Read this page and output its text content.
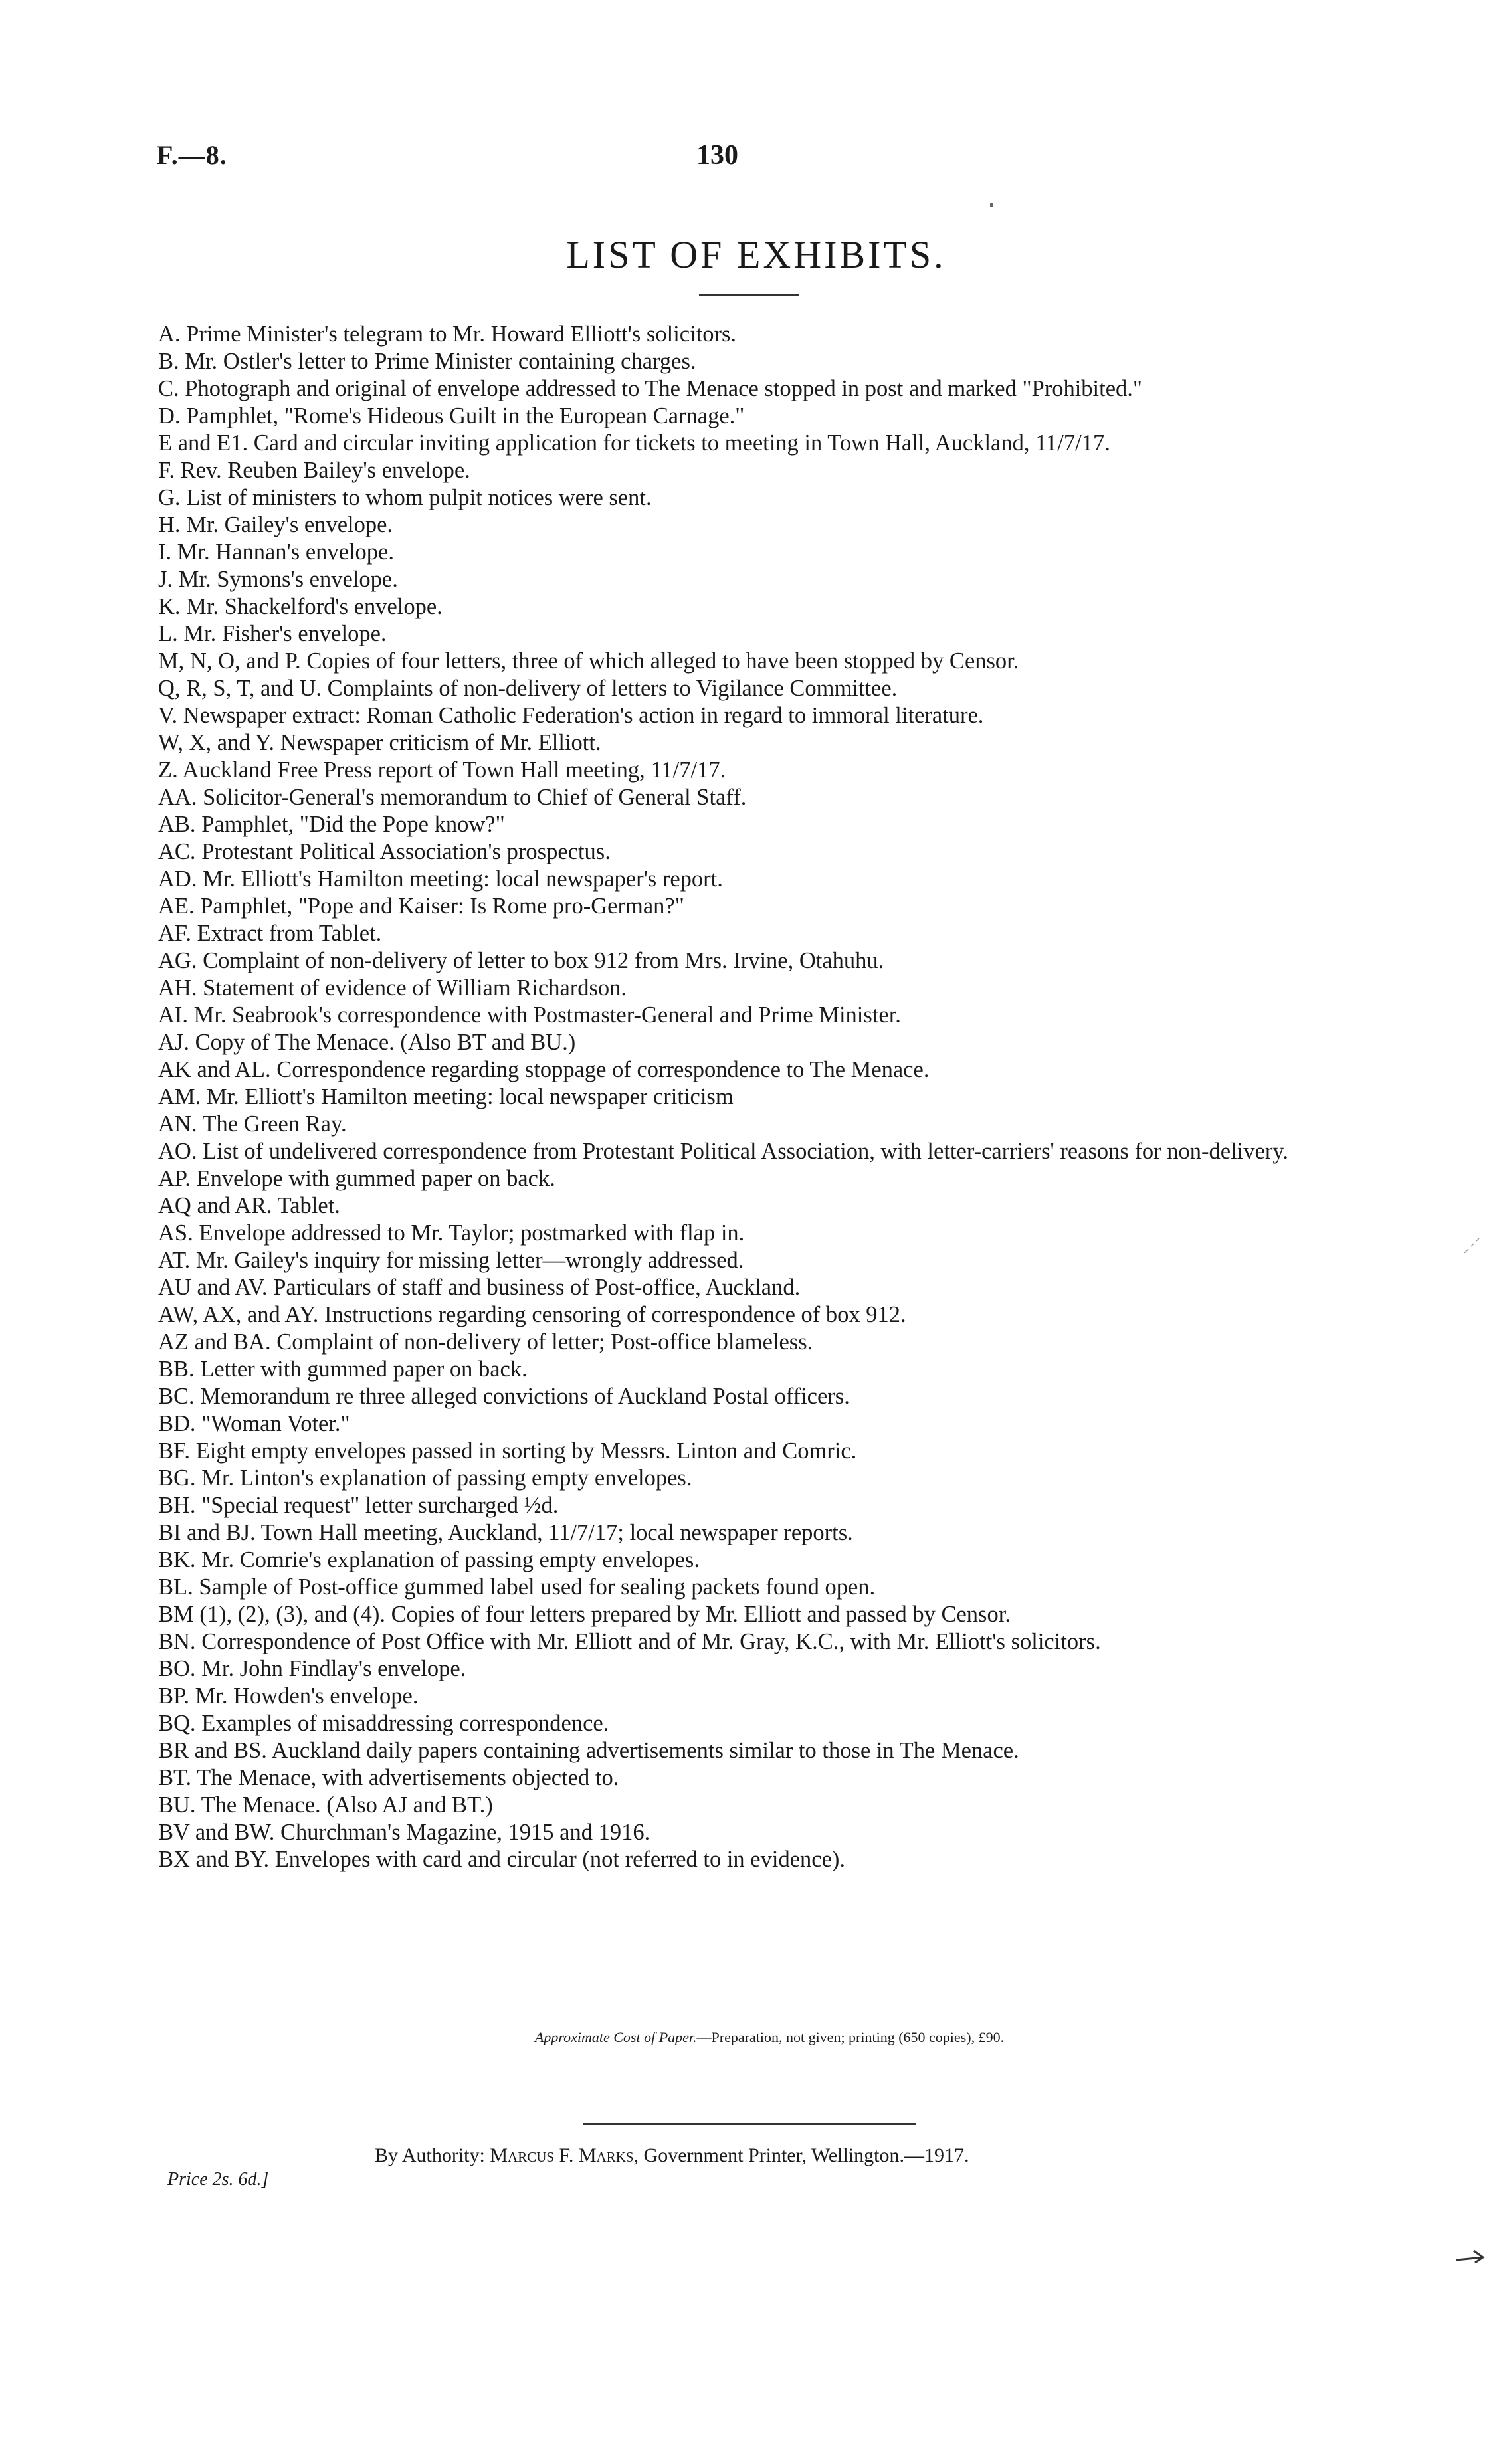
F.—8.	130
LIST OF EXHIBITS.
A. Prime Minister's telegram to Mr. Howard Elliott's solicitors.
B. Mr. Ostler's letter to Prime Minister containing charges.
C. Photograph and original of envelope addressed to The Menace stopped in post and marked "Prohibited."
D. Pamphlet, "Rome's Hideous Guilt in the European Carnage."
E and E1. Card and circular inviting application for tickets to meeting in Town Hall, Auckland, 11/7/17.
F. Rev. Reuben Bailey's envelope.
G. List of ministers to whom pulpit notices were sent.
H. Mr. Gailey's envelope.
I. Mr. Hannan's envelope.
J. Mr. Symons's envelope.
K. Mr. Shackelford's envelope.
L. Mr. Fisher's envelope.
M, N, O, and P. Copies of four letters, three of which alleged to have been stopped by Censor.
Q, R, S, T, and U. Complaints of non-delivery of letters to Vigilance Committee.
V. Newspaper extract: Roman Catholic Federation's action in regard to immoral literature.
W, X, and Y. Newspaper criticism of Mr. Elliott.
Z. Auckland Free Press report of Town Hall meeting, 11/7/17.
AA. Solicitor-General's memorandum to Chief of General Staff.
AB. Pamphlet, "Did the Pope know?"
AC. Protestant Political Association's prospectus.
AD. Mr. Elliott's Hamilton meeting: local newspaper's report.
AE. Pamphlet, "Pope and Kaiser: Is Rome pro-German?"
AF. Extract from Tablet.
AG. Complaint of non-delivery of letter to box 912 from Mrs. Irvine, Otahuhu.
AH. Statement of evidence of William Richardson.
AI. Mr. Seabrook's correspondence with Postmaster-General and Prime Minister.
AJ. Copy of The Menace. (Also BT and BU.)
AK and AL. Correspondence regarding stoppage of correspondence to The Menace.
AM. Mr. Elliott's Hamilton meeting: local newspaper criticism
AN. The Green Ray.
AO. List of undelivered correspondence from Protestant Political Association, with letter-carriers' reasons for non-delivery.
AP. Envelope with gummed paper on back.
AQ and AR. Tablet.
AS. Envelope addressed to Mr. Taylor; postmarked with flap in.
AT. Mr. Gailey's inquiry for missing letter—wrongly addressed.
AU and AV. Particulars of staff and business of Post-office, Auckland.
AW, AX, and AY. Instructions regarding censoring of correspondence of box 912.
AZ and BA. Complaint of non-delivery of letter; Post-office blameless.
BB. Letter with gummed paper on back.
BC. Memorandum re three alleged convictions of Auckland Postal officers.
BD. "Woman Voter."
BF. Eight empty envelopes passed in sorting by Messrs. Linton and Comric.
BG. Mr. Linton's explanation of passing empty envelopes.
BH. "Special request" letter surcharged ½d.
BI and BJ. Town Hall meeting, Auckland, 11/7/17; local newspaper reports.
BK. Mr. Comrie's explanation of passing empty envelopes.
BL. Sample of Post-office gummed label used for sealing packets found open.
BM (1), (2), (3), and (4). Copies of four letters prepared by Mr. Elliott and passed by Censor.
BN. Correspondence of Post Office with Mr. Elliott and of Mr. Gray, K.C., with Mr. Elliott's solicitors.
BO. Mr. John Findlay's envelope.
BP. Mr. Howden's envelope.
BQ. Examples of misaddressing correspondence.
BR and BS. Auckland daily papers containing advertisements similar to those in The Menace.
BT. The Menace, with advertisements objected to.
BU. The Menace. (Also AJ and BT.)
BV and BW. Churchman's Magazine, 1915 and 1916.
BX and BY. Envelopes with card and circular (not referred to in evidence).
Approximate Cost of Paper.—Preparation, not given; printing (650 copies), £90.
By Authority: Marcus F. Marks, Government Printer, Wellington.—1917.
Price 2s. 6d.]
